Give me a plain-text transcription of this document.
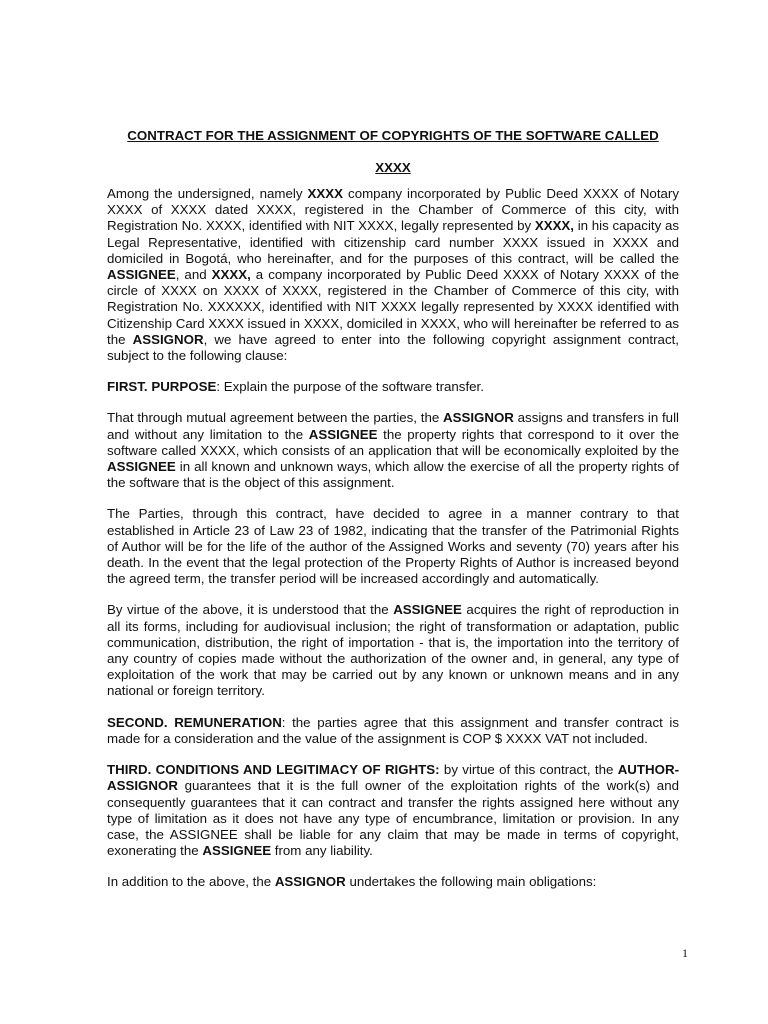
CONTRACT FOR THE ASSIGNMENT OF COPYRIGHTS OF THE SOFTWARE CALLED
XXXX

Among the undersigned, namely XXXX company incorporated by Public Deed XXXX of Notary XXXX of XXXX dated XXXX, registered in the Chamber of Commerce of this city, with Registration No. XXXX, identified with NIT XXXX, legally represented by XXXX, in his capacity as Legal Representative, identified with citizenship card number XXXX issued in XXXX and domiciled in Bogotá, who hereinafter, and for the purposes of this contract, will be called the ASSIGNEE, and XXXX, a company incorporated by Public Deed XXXX of Notary XXXX of the circle of XXXX on XXXX of XXXX, registered in the Chamber of Commerce of this city, with Registration No. XXXXXX, identified with NIT XXXX legally represented by XXXX identified with Citizenship Card XXXX issued in XXXX, domiciled in XXXX, who will hereinafter be referred to as the ASSIGNOR, we have agreed to enter into the following copyright assignment contract, subject to the following clause:

FIRST. PURPOSE: Explain the purpose of the software transfer.

That through mutual agreement between the parties, the ASSIGNOR assigns and transfers in full and without any limitation to the ASSIGNEE the property rights that correspond to it over the software called XXXX, which consists of an application that will be economically exploited by the ASSIGNEE in all known and unknown ways, which allow the exercise of all the property rights of the software that is the object of this assignment.

The Parties, through this contract, have decided to agree in a manner contrary to that established in Article 23 of Law 23 of 1982, indicating that the transfer of the Patrimonial Rights of Author will be for the life of the author of the Assigned Works and seventy (70) years after his death. In the event that the legal protection of the Property Rights of Author is increased beyond the agreed term, the transfer period will be increased accordingly and automatically.

By virtue of the above, it is understood that the ASSIGNEE acquires the right of reproduction in all its forms, including for audiovisual inclusion; the right of transformation or adaptation, public communication, distribution, the right of importation - that is, the importation into the territory of any country of copies made without the authorization of the owner and, in general, any type of exploitation of the work that may be carried out by any known or unknown means and in any national or foreign territory.

SECOND. REMUNERATION: the parties agree that this assignment and transfer contract is made for a consideration and the value of the assignment is COP $ XXXX VAT not included.

THIRD. CONDITIONS AND LEGITIMACY OF RIGHTS: by virtue of this contract, the AUTHOR-ASSIGNOR guarantees that it is the full owner of the exploitation rights of the work(s) and consequently guarantees that it can contract and transfer the rights assigned here without any type of limitation as it does not have any type of encumbrance, limitation or provision. In any case, the ASSIGNEE shall be liable for any claim that may be made in terms of copyright, exonerating the ASSIGNEE from any liability.

In addition to the above, the ASSIGNOR undertakes the following main obligations:

1
